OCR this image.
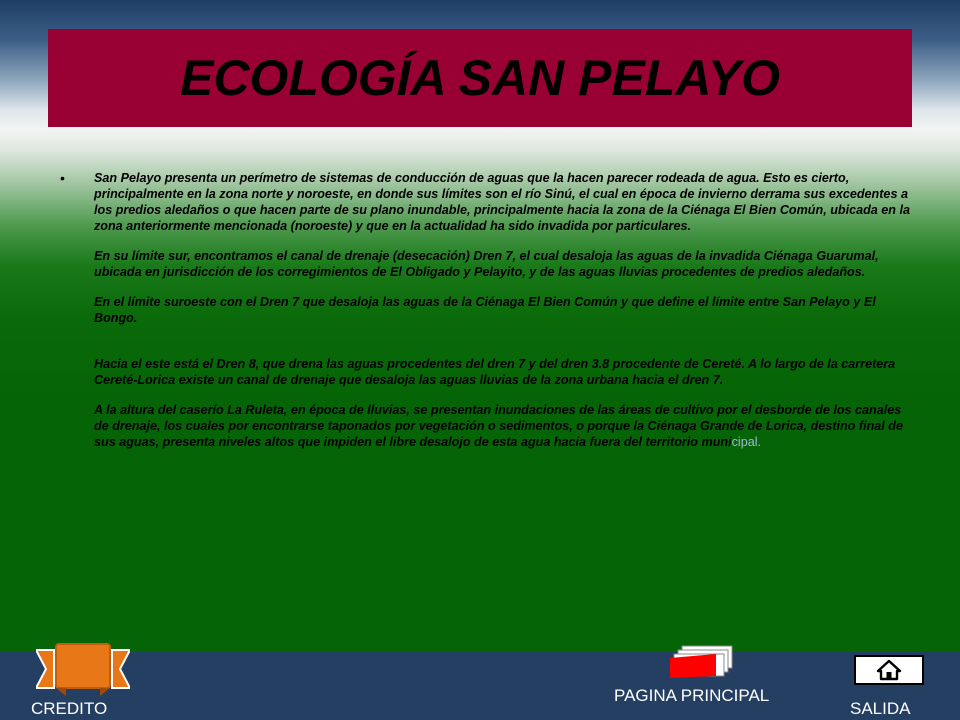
ECOLOGÍA SAN PELAYO
• San Pelayo presenta un perímetro de sistemas de conducción de aguas que la hacen parecer rodeada de agua. Esto es cierto, principalmente en la zona norte y noroeste, en donde sus límites son el río Sinú, el cual en época de invierno derrama sus excedentes a los predios aledaños o que hacen parte de su plano inundable, principalmente hacia la zona de la Ciénaga El Bien Común, ubicada en la zona anteriormente mencionada (noroeste) y que en la actualidad ha sido invadida por particulares.

En su límite sur, encontramos el canal de drenaje (desecación) Dren 7, el cual desaloja las aguas de la invadida Ciénaga Guarumal, ubicada en jurisdicción de los corregimientos de El Obligado y Pelayito, y de las aguas lluvias procedentes de predios aledaños.

En el límite suroeste con el Dren 7 que desaloja las aguas de la Ciénaga El Bien Común y que define el límite entre San Pelayo y El Bongo.

Hacia el este está el Dren 8, que drena las aguas procedentes del dren 7 y del dren 3.8 procedente de Cereté. A lo largo de la carretera Cereté-Lorica existe un canal de drenaje que desaloja las aguas lluvias de la zona urbana hacia el dren 7.

A la altura del caserío La Ruleta, en época de lluvias, se presentan inundaciones de las áreas de cultivo por el desborde de los canales de drenaje, los cuales por encontrarse taponados por vegetación o sedimentos, o porque la Ciénaga Grande de Lorica, destino final de sus aguas, presenta niveles altos que impiden el libre desalojo de esta agua hacia fuera del territorio municipal.

CREDITO
PAGINA PRINCIPAL
SALIDA
